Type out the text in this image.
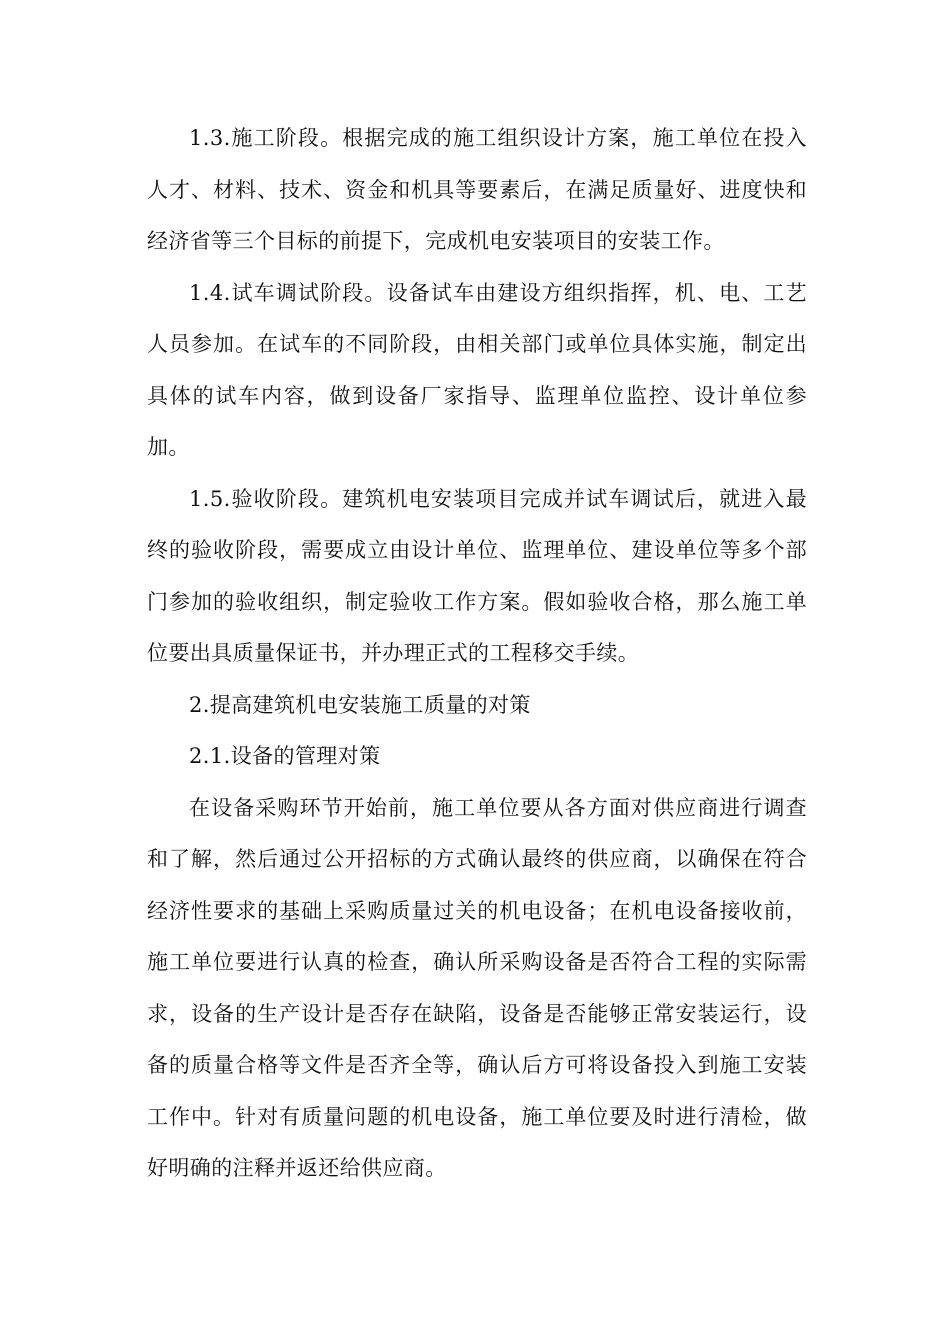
1.3.施工阶段。根据完成的施工组织设计方案，施工单位在投入人才、材料、技术、资金和机具等要素后，在满足质量好、进度快和经济省等三个目标的前提下，完成机电安装项目的安装工作。

1.4.试车调试阶段。设备试车由建设方组织指挥，机、电、工艺人员参加。在试车的不同阶段，由相关部门或单位具体实施，制定出具体的试车内容，做到设备厂家指导、监理单位监控、设计单位参加。

1.5.验收阶段。建筑机电安装项目完成并试车调试后，就进入最终的验收阶段，需要成立由设计单位、监理单位、建设单位等多个部门参加的验收组织，制定验收工作方案。假如验收合格，那么施工单位要出具质量保证书，并办理正式的工程移交手续。

2.提高建筑机电安装施工质量的对策

2.1.设备的管理对策

在设备采购环节开始前，施工单位要从各方面对供应商进行调查和了解，然后通过公开招标的方式确认最终的供应商，以确保在符合经济性要求的基础上采购质量过关的机电设备；在机电设备接收前，施工单位要进行认真的检查，确认所采购设备是否符合工程的实际需求，设备的生产设计是否存在缺陷，设备是否能够正常安装运行，设备的质量合格等文件是否齐全等，确认后方可将设备投入到施工安装工作中。针对有质量问题的机电设备，施工单位要及时进行清检，做好明确的注释并返还给供应商。
